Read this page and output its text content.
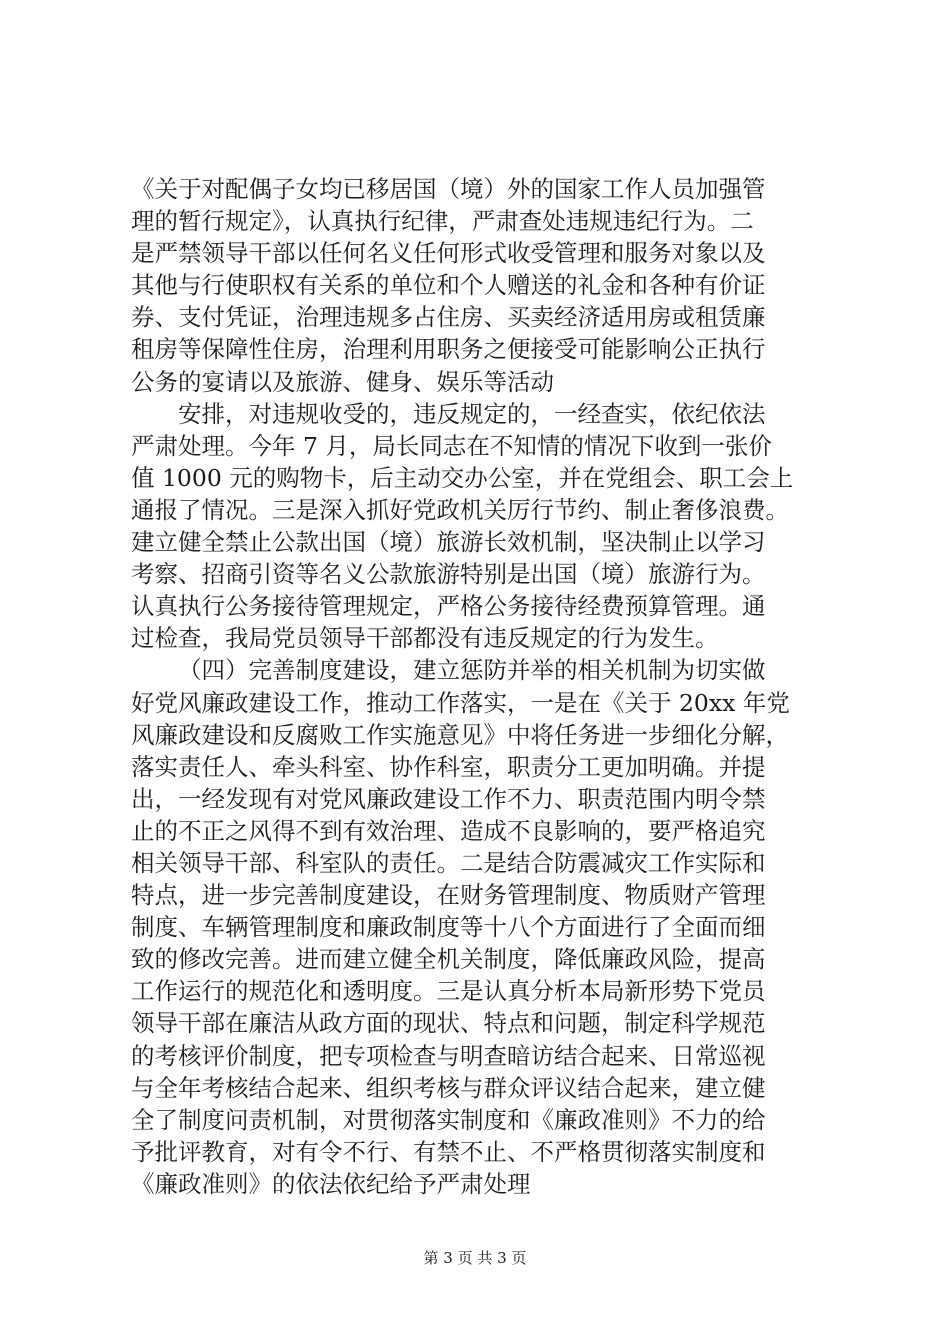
《关于对配偶子女均已移居国（境）外的国家工作人员加强管
理的暂行规定》，认真执行纪律，严肃查处违规违纪行为。二
是严禁领导干部以任何名义任何形式收受管理和服务对象以及
其他与行使职权有关系的单位和个人赠送的礼金和各种有价证
券、支付凭证，治理违规多占住房、买卖经济适用房或租赁廉
租房等保障性住房，治理利用职务之便接受可能影响公正执行
公务的宴请以及旅游、健身、娱乐等活动
安排，对违规收受的，违反规定的，一经查实，依纪依法
严肃处理。今年 7 月，局长同志在不知情的情况下收到一张价
值 1000 元的购物卡，后主动交办公室，并在党组会、职工会上
通报了情况。三是深入抓好党政机关厉行节约、制止奢侈浪费。
建立健全禁止公款出国（境）旅游长效机制，坚决制止以学习
考察、招商引资等名义公款旅游特别是出国（境）旅游行为。
认真执行公务接待管理规定，严格公务接待经费预算管理。通
过检查，我局党员领导干部都没有违反规定的行为发生。
（四）完善制度建设，建立惩防并举的相关机制为切实做
好党风廉政建设工作，推动工作落实，一是在《关于 20xx 年党
风廉政建设和反腐败工作实施意见》中将任务进一步细化分解，
落实责任人、牵头科室、协作科室，职责分工更加明确。并提
出，一经发现有对党风廉政建设工作不力、职责范围内明令禁
止的不正之风得不到有效治理、造成不良影响的，要严格追究
相关领导干部、科室队的责任。二是结合防震减灾工作实际和
特点，进一步完善制度建设，在财务管理制度、物质财产管理
制度、车辆管理制度和廉政制度等十八个方面进行了全面而细
致的修改完善。进而建立健全机关制度，降低廉政风险，提高
工作运行的规范化和透明度。三是认真分析本局新形势下党员
领导干部在廉洁从政方面的现状、特点和问题，制定科学规范
的考核评价制度，把专项检查与明查暗访结合起来、日常巡视
与全年考核结合起来、组织考核与群众评议结合起来，建立健
全了制度问责机制，对贯彻落实制度和《廉政准则》不力的给
予批评教育，对有令不行、有禁不止、不严格贯彻落实制度和
《廉政准则》的依法依纪给予严肃处理
第 3 页 共 3 页
